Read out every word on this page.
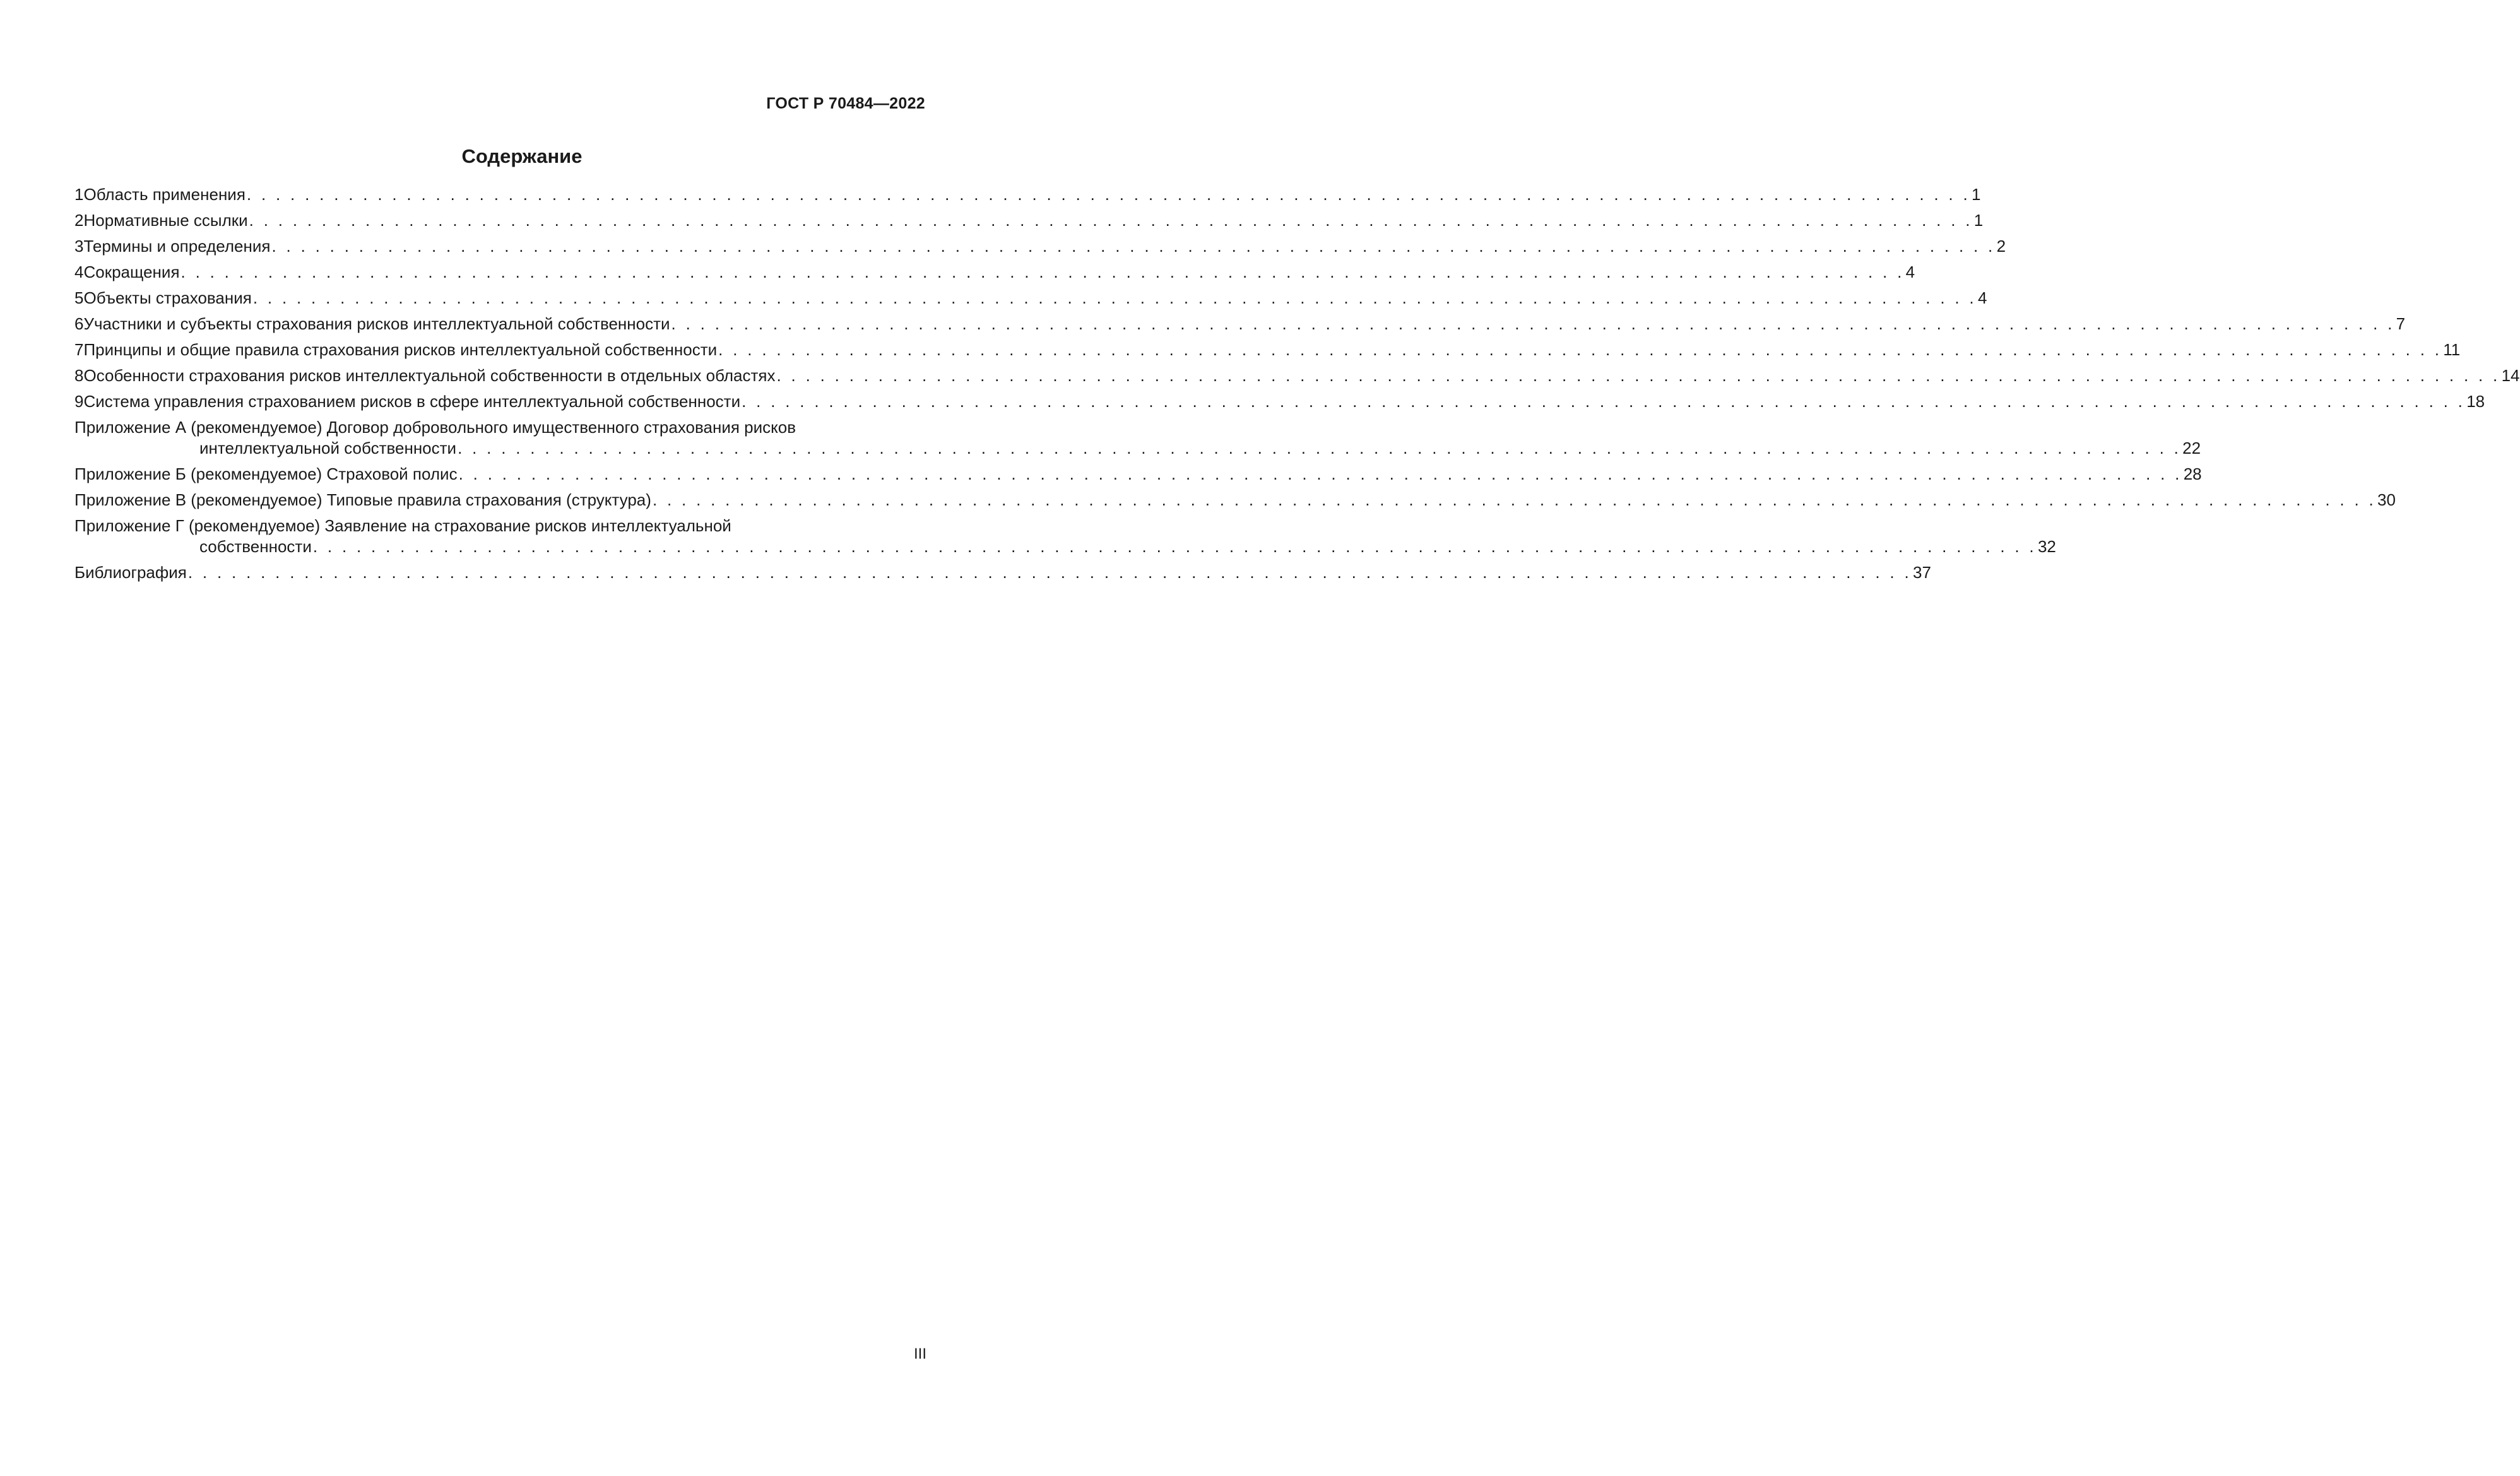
ГОСТ Р 70484—2022
Содержание
1 Область применения . . . . . . . . . . . . . . . . . . . . . . . . . . . . . . . . . . . . . . . . . . . . . . . . . . . . . . . . . . . . . . . . . . . . . . . . . . . . . . . . . . . . . . . . . . . . . . . . . . . . . . . . . . . . . . . . . . . . . . . 1
2 Нормативные ссылки . . . . . . . . . . . . . . . . . . . . . . . . . . . . . . . . . . . . . . . . . . . . . . . . . . . . . . . . . . . . . . . . . . . . . . . . . . . . . . . . . . . . . . . . . . . . . . . . . . . . . . . . . . . . . . . . . . . . . . . 1
3 Термины и определения . . . . . . . . . . . . . . . . . . . . . . . . . . . . . . . . . . . . . . . . . . . . . . . . . . . . . . . . . . . . . . . . . . . . . . . . . . . . . . . . . . . . . . . . . . . . . . . . . . . . . . . . . . . . . . . . . . . . . . . 2
4 Сокращения . . . . . . . . . . . . . . . . . . . . . . . . . . . . . . . . . . . . . . . . . . . . . . . . . . . . . . . . . . . . . . . . . . . . . . . . . . . . . . . . . . . . . . . . . . . . . . . . . . . . . . . . . . . . . . . . . . . . . . . 4
5 Объекты страхования . . . . . . . . . . . . . . . . . . . . . . . . . . . . . . . . . . . . . . . . . . . . . . . . . . . . . . . . . . . . . . . . . . . . . . . . . . . . . . . . . . . . . . . . . . . . . . . . . . . . . . . . . . . . . . . . . . . . . . . 4
6 Участники и субъекты страхования рисков интеллектуальной собственности . . . . . . . . . . . . . . . . . . . . . . . . . . . . . . . . . . . . . . . . . . . . . . . . . . . . . . . . . . . . . . . . . . . . . . . . . . . . . . . . . . . . . . . . . . . . . . . . . . . . . . . . . . . . . . . . . . . . . . . 7
7 Принципы и общие правила страхования рисков интеллектуальной собственности . . . . . . . . . . . . . . . . . . . . . . . . . . . . . . . . . . . . . . . . . . . . . . . . . . . . . . . . . . . . . . . . . . . . . . . . . . . . . . . . . . . . . . . . . . . . . . . . . . . . . . . . . . . . . . . . . . . . . . . 11
8 Особенности страхования рисков интеллектуальной собственности в отдельных областях . . . . . . . . . . . . . . . . . . . . . . . . . . . . . . . . . . . . . . . . . . . . . . . . . . . . . . . . . . . . . . . . . . . . . . . . . . . . . . . . . . . . . . . . . . . . . . . . . . . . . . . . . . . . . . . . . . . . . . . 14
9 Система управления страхованием рисков в сфере интеллектуальной собственности . . . . . . . . . . . . . . . . . . . . . . . . . . . . . . . . . . . . . . . . . . . . . . . . . . . . . . . . . . . . . . . . . . . . . . . . . . . . . . . . . . . . . . . . . . . . . . . . . . . . . . . . . . . . . . . . . . . . . . . 18
Приложение А (рекомендуемое) Договор добровольного имущественного страхования рисков
интеллектуальной собственности . . . . . . . . . . . . . . . . . . . . . . . . . . . . . . . . . . . . . . . . . . . . . . . . . . . . . . . . . . . . . . . . . . . . . . . . . . . . . . . . . . . . . . . . . . . . . . . . . . . . . . . . . . . . . . . . . . . . . . . 22
Приложение Б (рекомендуемое) Страховой полис . . . . . . . . . . . . . . . . . . . . . . . . . . . . . . . . . . . . . . . . . . . . . . . . . . . . . . . . . . . . . . . . . . . . . . . . . . . . . . . . . . . . . . . . . . . . . . . . . . . . . . . . . . . . . . . . . . . . . . . 28
Приложение В (рекомендуемое) Типовые правила страхования (структура) . . . . . . . . . . . . . . . . . . . . . . . . . . . . . . . . . . . . . . . . . . . . . . . . . . . . . . . . . . . . . . . . . . . . . . . . . . . . . . . . . . . . . . . . . . . . . . . . . . . . . . . . . . . . . . . . . . . . . . . 30
Приложение Г (рекомендуемое) Заявление на страхование рисков интеллектуальной
собственности . . . . . . . . . . . . . . . . . . . . . . . . . . . . . . . . . . . . . . . . . . . . . . . . . . . . . . . . . . . . . . . . . . . . . . . . . . . . . . . . . . . . . . . . . . . . . . . . . . . . . . . . . . . . . . . . . . . . . . . 32
Библиография . . . . . . . . . . . . . . . . . . . . . . . . . . . . . . . . . . . . . . . . . . . . . . . . . . . . . . . . . . . . . . . . . . . . . . . . . . . . . . . . . . . . . . . . . . . . . . . . . . . . . . . . . . . . . . . . . . . . . . . 37
III
